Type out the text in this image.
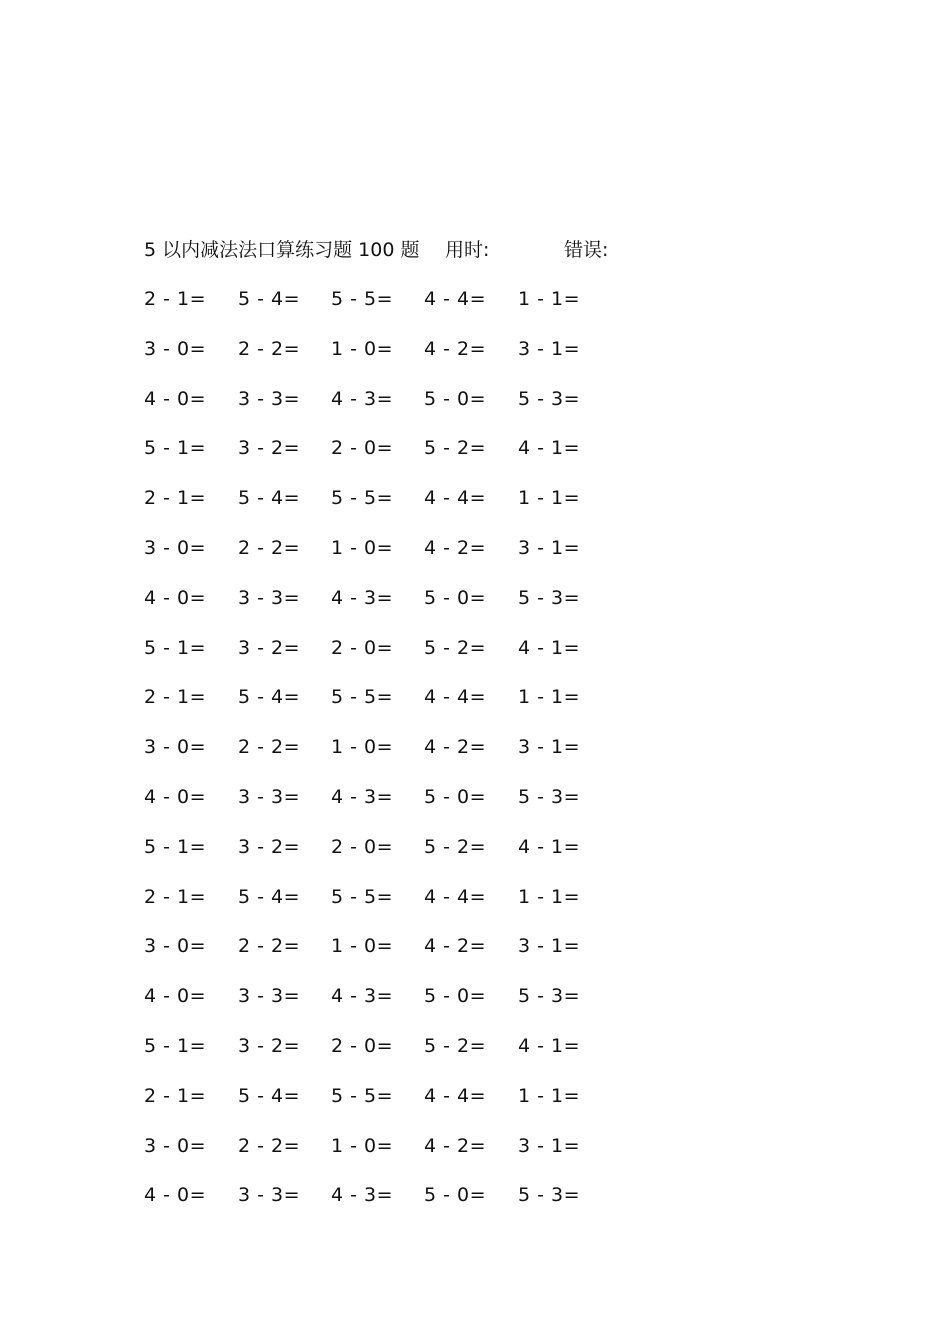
5 以内减法法口算练习题 100 题 用时:	错误:
2 - 1= 5 - 4= 5 - 5= 4 - 4= 1 - 1=
3 - 0= 2 - 2= 1 - 0= 4 - 2= 3 - 1=
4 - 0= 3 - 3= 4 - 3= 5 - 0= 5 - 3=
5 - 1= 3 - 2= 2 - 0= 5 - 2= 4 - 1=
2 - 1= 5 - 4= 5 - 5= 4 - 4= 1 - 1=
3 - 0= 2 - 2= 1 - 0= 4 - 2= 3 - 1=
4 - 0= 3 - 3= 4 - 3= 5 - 0= 5 - 3=
5 - 1= 3 - 2= 2 - 0= 5 - 2= 4 - 1=
2 - 1= 5 - 4= 5 - 5= 4 - 4= 1 - 1=
3 - 0= 2 - 2= 1 - 0= 4 - 2= 3 - 1=
4 - 0= 3 - 3= 4 - 3= 5 - 0= 5 - 3=
5 - 1= 3 - 2= 2 - 0= 5 - 2= 4 - 1=
2 - 1= 5 - 4= 5 - 5= 4 - 4= 1 - 1=
3 - 0= 2 - 2= 1 - 0= 4 - 2= 3 - 1=
4 - 0= 3 - 3= 4 - 3= 5 - 0= 5 - 3=
5 - 1= 3 - 2= 2 - 0= 5 - 2= 4 - 1=
2 - 1= 5 - 4= 5 - 5= 4 - 4= 1 - 1=
3 - 0= 2 - 2= 1 - 0= 4 - 2= 3 - 1=
4 - 0= 3 - 3= 4 - 3= 5 - 0= 5 - 3=
